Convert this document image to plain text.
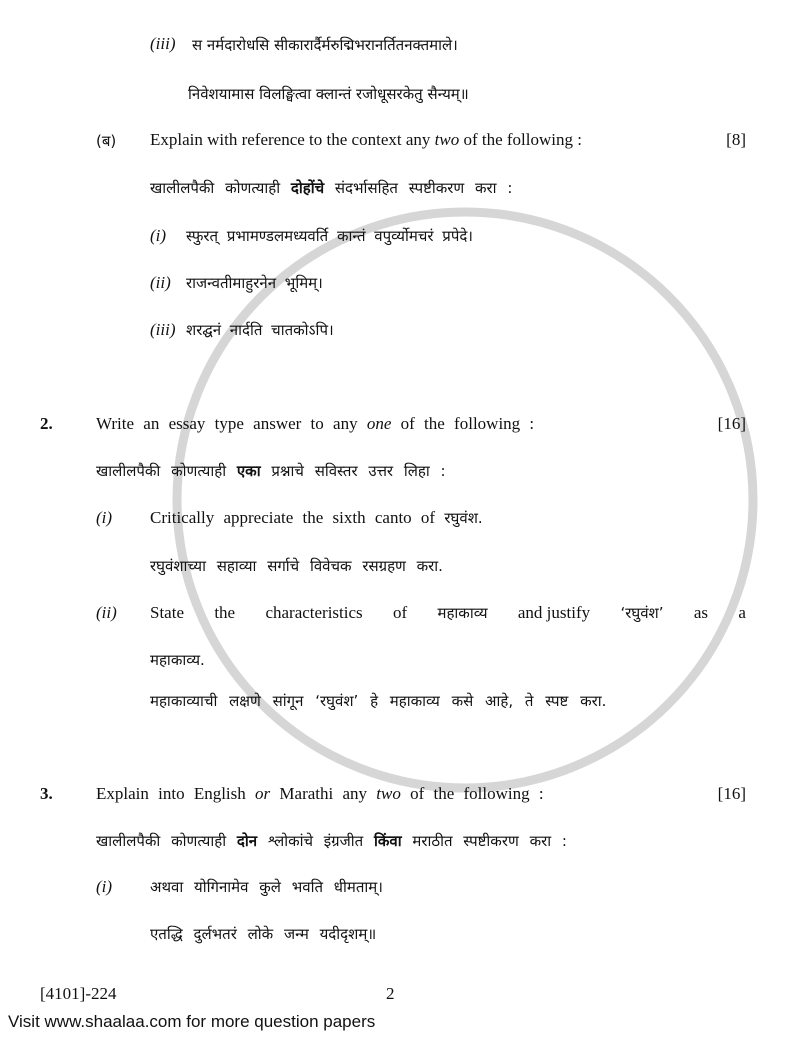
(iii) स नर्मदारोधसि सीकारार्दैर्मरुद्मिभरानर्तितनक्तमाले।
निवेशयामास विलङ्घित्वा क्लान्तं रजोधूसरकेतु सैन्यम्॥
(ब) Explain with reference to the context any two of the following :	[8]
खालीलपैकी कोणत्याही दोहोंचे संदर्भासहित स्पष्टीकरण करा :
(i) स्फुरत् प्रभामण्डलमध्यवर्ति कान्तं वपुर्व्योमचरं प्रपेदे।
(ii) राजन्वतीमाहुरनेन भूमिम्।
(iii) शरद्घनं नार्दति चातकोऽपि।
2.	Write an essay type answer to any one of the following :	[16]
खालीलपैकी कोणत्याही एका प्रश्नाचे सविस्तर उत्तर लिहा :
(i) Critically appreciate the sixth canto of रघुवंश.
रघुवंशाच्या सहाव्या सर्गाचे विवेचक रसग्रहण करा.
(ii) State the characteristics of महाकाव्य and justify ‘रघुवंश’ as a
महाकाव्य.
महाकाव्याची लक्षणे सांगून ‘रघुवंश’ हे महाकाव्य कसे आहे, ते स्पष्ट करा.
3.	Explain into English or Marathi any two of the following :	[16]
खालीलपैकी कोणत्याही दोन श्लोकांचे इंग्रजीत किंवा मराठीत स्पष्टीकरण करा :
(i)	अथवा योगिनामेव कुले भवति धीमताम्।
एतद्धि दुर्लभतरं लोके जन्म यदीदृशम्॥
[4101]-224	2
Visit www.shaalaa.com for more question papers
